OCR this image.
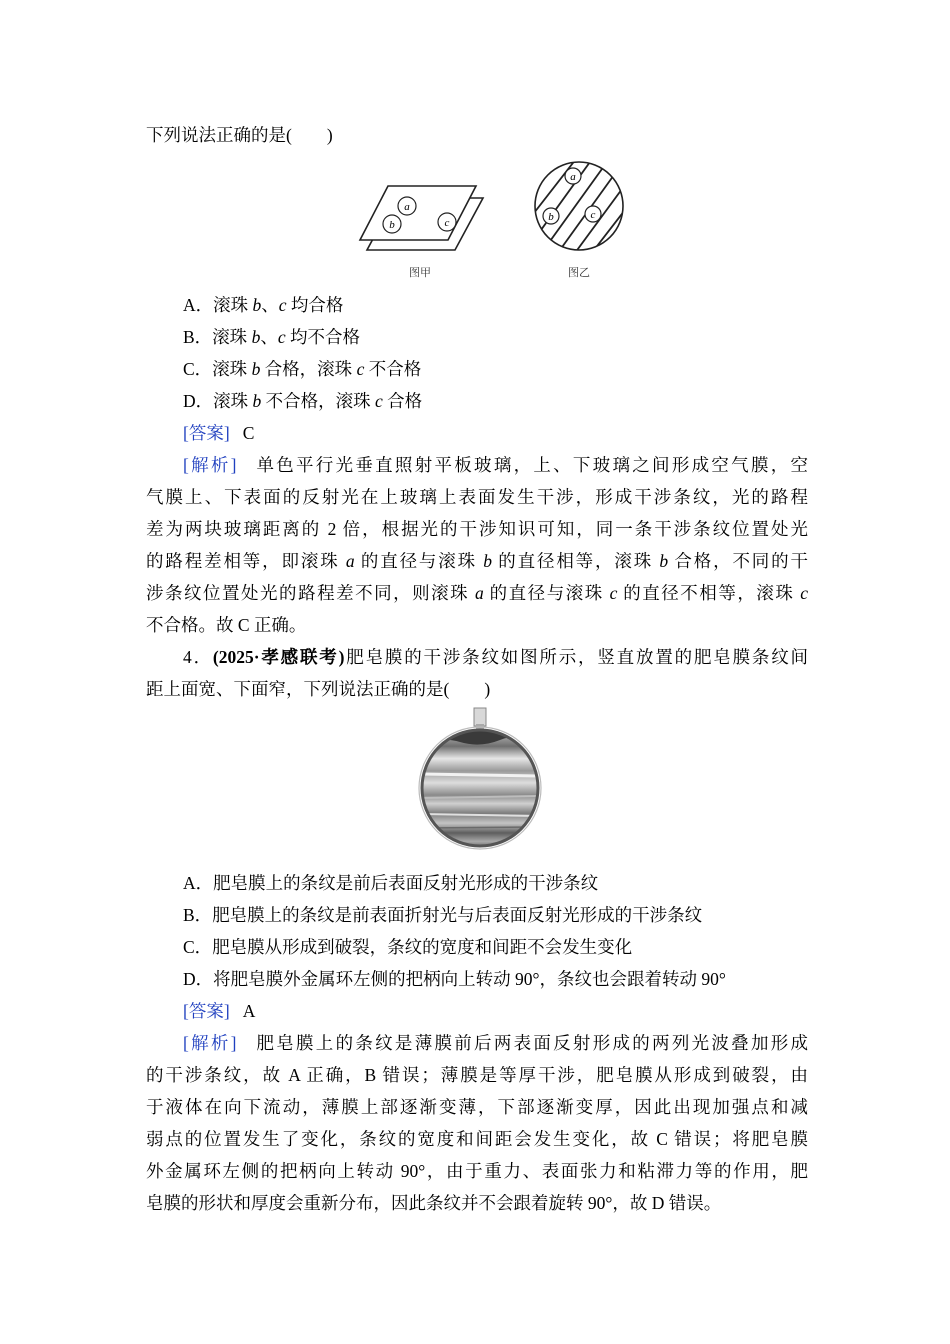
下列说法正确的是(　　)
a
b	c
图甲
a
b	c
图乙
A．滚珠 b、c 均合格
B．滚珠 b、c 均不合格
C．滚珠 b 合格，滚珠 c 不合格
D．滚珠 b 不合格，滚珠 c 合格
[答案] C
[解析] 单色平行光垂直照射平板玻璃，上、下玻璃之间形成空气膜，空
气膜上、下表面的反射光在上玻璃上表面发生干涉，形成干涉条纹，光的路程
差为两块玻璃距离的 2 倍，根据光的干涉知识可知，同一条干涉条纹位置处光
的路程差相等，即滚珠 a 的直径与滚珠 b 的直径相等，滚珠 b 合格，不同的干
涉条纹位置处光的路程差不同，则滚珠 a 的直径与滚珠 c 的直径不相等，滚珠 c
不合格。故 C 正确。
4．(2025·孝感联考)肥皂膜的干涉条纹如图所示，竖直放置的肥皂膜条纹间
距上面宽、下面窄，下列说法正确的是(　　)
A．肥皂膜上的条纹是前后表面反射光形成的干涉条纹
B．肥皂膜上的条纹是前表面折射光与后表面反射光形成的干涉条纹
C．肥皂膜从形成到破裂，条纹的宽度和间距不会发生变化
D．将肥皂膜外金属环左侧的把柄向上转动 90°，条纹也会跟着转动 90°
[答案] A
[解析] 肥皂膜上的条纹是薄膜前后两表面反射形成的两列光波叠加形成
的干涉条纹，故 A 正确，B 错误；薄膜是等厚干涉，肥皂膜从形成到破裂，由
于液体在向下流动，薄膜上部逐渐变薄，下部逐渐变厚，因此出现加强点和减
弱点的位置发生了变化，条纹的宽度和间距会发生变化，故 C 错误；将肥皂膜
外金属环左侧的把柄向上转动 90°，由于重力、表面张力和粘滞力等的作用，肥
皂膜的形状和厚度会重新分布，因此条纹并不会跟着旋转 90°，故 D 错误。
